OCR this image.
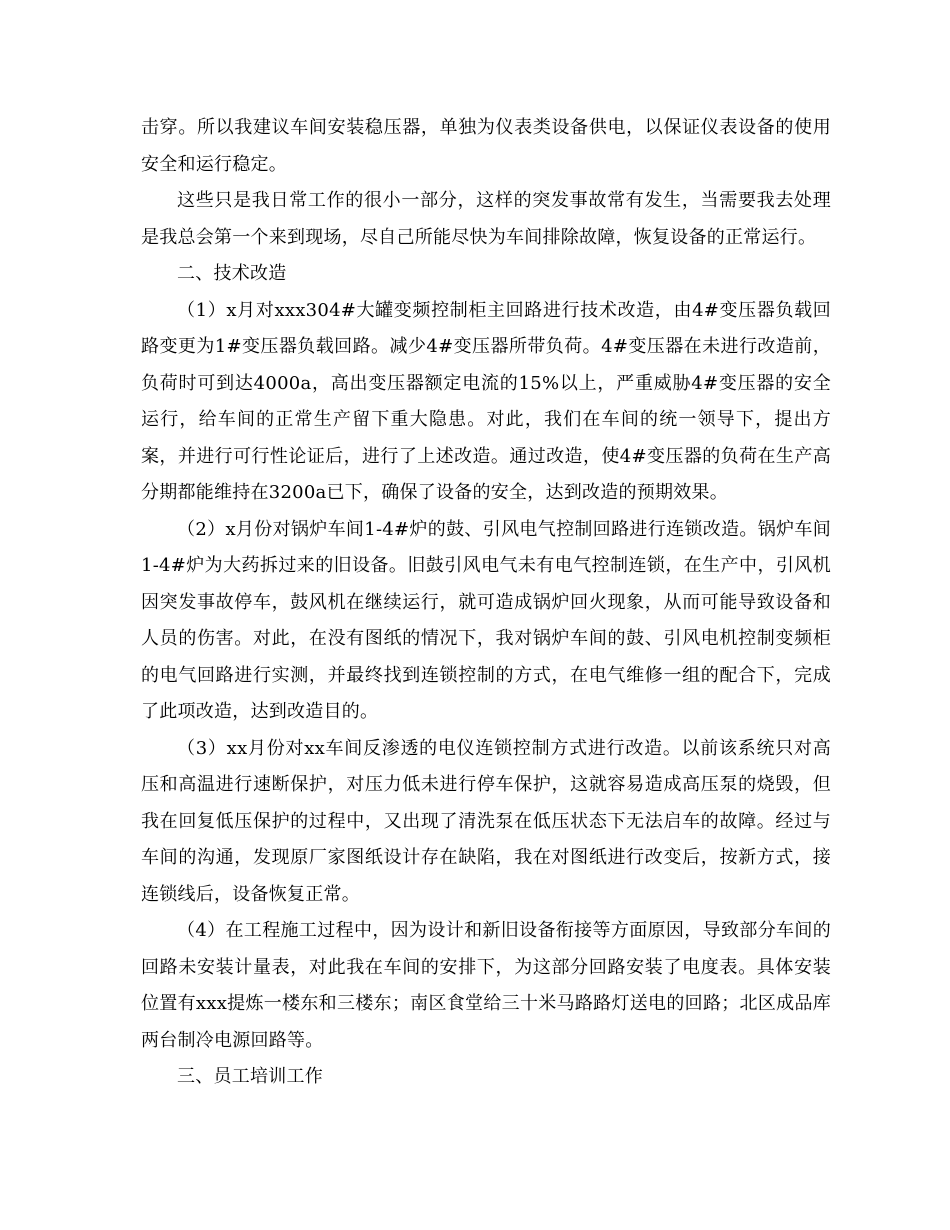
击穿。所以我建议车间安装稳压器，单独为仪表类设备供电，以保证仪表设备的使用安全和运行稳定。

这些只是我日常工作的很小一部分，这样的突发事故常有发生，当需要我去处理是我总会第一个来到现场，尽自己所能尽快为车间排除故障，恢复设备的正常运行。

二、技术改造

（1）x月对xxx304#大罐变频控制柜主回路进行技术改造，由4#变压器负载回路变更为1#变压器负载回路。减少4#变压器所带负荷。4#变压器在未进行改造前，负荷时可到达4000a，高出变压器额定电流的15%以上，严重威胁4#变压器的安全运行，给车间的正常生产留下重大隐患。对此，我们在车间的统一领导下，提出方案，并进行可行性论证后，进行了上述改造。通过改造，使4#变压器的负荷在生产高分期都能维持在3200a已下，确保了设备的安全，达到改造的预期效果。

（2）x月份对锅炉车间1-4#炉的鼓、引风电气控制回路进行连锁改造。锅炉车间1-4#炉为大药拆过来的旧设备。旧鼓引风电气未有电气控制连锁，在生产中，引风机因突发事故停车，鼓风机在继续运行，就可造成锅炉回火现象，从而可能导致设备和人员的伤害。对此，在没有图纸的情况下，我对锅炉车间的鼓、引风电机控制变频柜的电气回路进行实测，并最终找到连锁控制的方式，在电气维修一组的配合下，完成了此项改造，达到改造目的。

（3）xx月份对xx车间反渗透的电仪连锁控制方式进行改造。以前该系统只对高压和高温进行速断保护，对压力低未进行停车保护，这就容易造成高压泵的烧毁，但我在回复低压保护的过程中，又出现了清洗泵在低压状态下无法启车的故障。经过与车间的沟通，发现原厂家图纸设计存在缺陷，我在对图纸进行改变后，按新方式，接连锁线后，设备恢复正常。

（4）在工程施工过程中，因为设计和新旧设备衔接等方面原因，导致部分车间的回路未安装计量表，对此我在车间的安排下，为这部分回路安装了电度表。具体安装位置有xxx提炼一楼东和三楼东；南区食堂给三十米马路路灯送电的回路；北区成品库两台制冷电源回路等。

三、员工培训工作
